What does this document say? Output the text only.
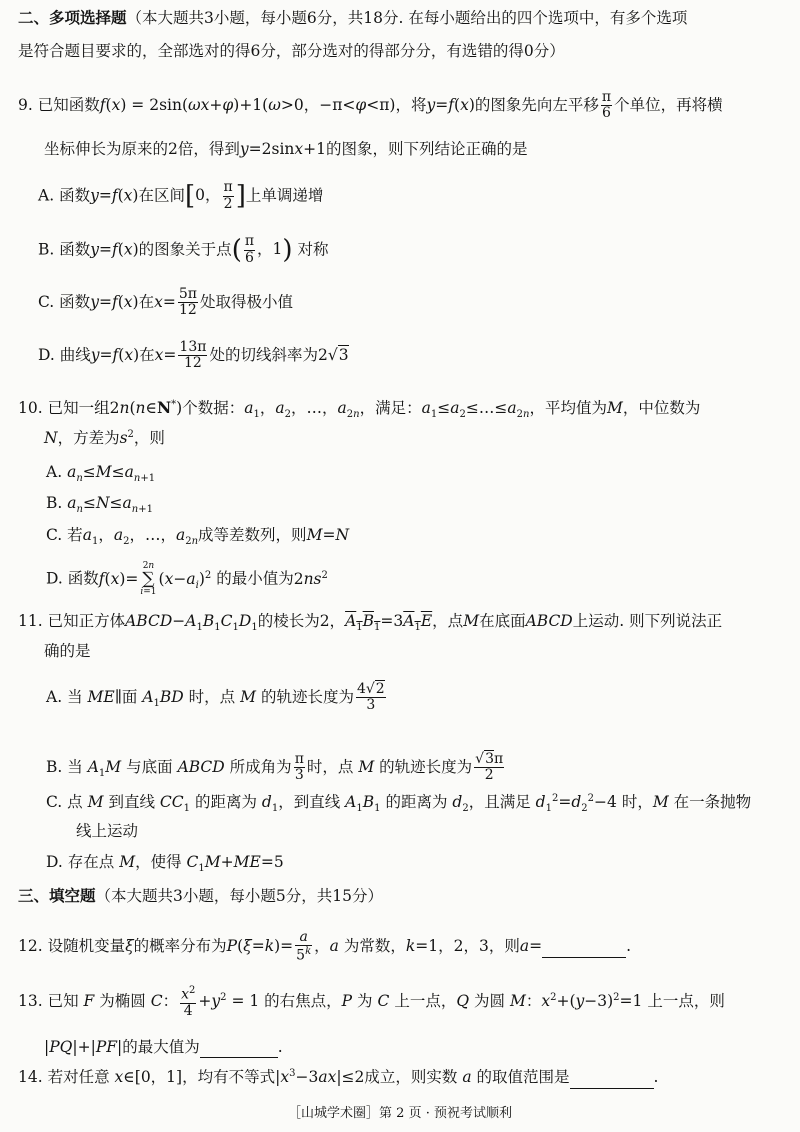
二、多项选择题（本大题共3小题，每小题6分，共18分. 在每小题给出的四个选项中，有多个选项
是符合题目要求的，全部选对的得6分，部分选对的得部分分，有选错的得0分）
9. 已知函数f(x) = 2sin(ωx+φ)+1(ω>0，−π<φ<π)，将y=f(x)的图象先向左平移 $\frac{\pi}{6}$ 个单位，再将横
坐标伸长为原来的2倍，得到y=2sinx+1的图象，则下列结论正确的是
A. 函数y=f(x)在区间[0， $\frac{\pi}{2}$ ]上单调递增
B. 函数y=f(x)的图象关于点( $\frac{\pi}{6}$ ，1) 对称
C. 函数y=f(x)在$x= \frac{5\pi}{12}$ 处取得极小值
D. 曲线y=f(x)在$x= \frac{13\pi}{12}$ 处的切线斜率为2√3
10. 已知一组2n(n∈N*)个数据：$a_1$，$a_2$，…，$a_{2n}$，满足：$a_1\le a_2\le\dots\le a_{2n}$，平均值为M，中位数为
N，方差为$s^2$，则
A. $a_n\le M\le a_{n+1}$
B. $a_n\le N\le a_{n+1}$
C. 若$a_1$，$a_2$，…，$a_{2n}$成等差数列，则M=N
D. 函数f(x)=
2n
∑
i=1
$(x-a_i)^2$ 的最小值为$2ns^2$
11. 已知正方体$ABCD-A_1B_1C_1D_1$的棱长为2，$A_1B_1=3A_1E$，点M在底面ABCD上运动. 则下列说法正
确的是
A. 当 ME∥面 $A_1BD$ 时，点 M 的轨迹长度为 $\frac{4√2}{3}$
B. 当 $A_1M$ 与底面 ABCD 所成角为 $\frac{\pi}{3}$ 时，点 M 的轨迹长度为 $\frac{√3\pi}{2}$
C. 点 M 到直线 $CC_1$ 的距离为 $d_1$，到直线 $A_1B_1$ 的距离为 $d_2$，且满足 $d_1^2=d_2^2-4$ 时，M 在一条抛物
线上运动
D. 存在点 M，使得 $C_1M+ME=5$
三、填空题（本大题共3小题，每小题5分，共15分）
12. 设随机变量ξ的概率分布为$P(\xi=k)= \frac{a}{5^k}$ ，a 为常数，k=1，2，3，则a=	.
13. 已知 F 为椭圆 C： $\frac{x^2}{4} +y^2 = 1$ 的右焦点，P 为 C 上一点，Q 为圆 M：$x^2+(y-3)^2=1$ 上一点，则
|PQ|+|PF|的最大值为	.
14. 若对任意 x∈[0，1]，均有不等式$|x^3-3ax|\le 2$成立，则实数 a 的取值范围是	.
［山城学术圈］第 2 页 · 预祝考试顺利
